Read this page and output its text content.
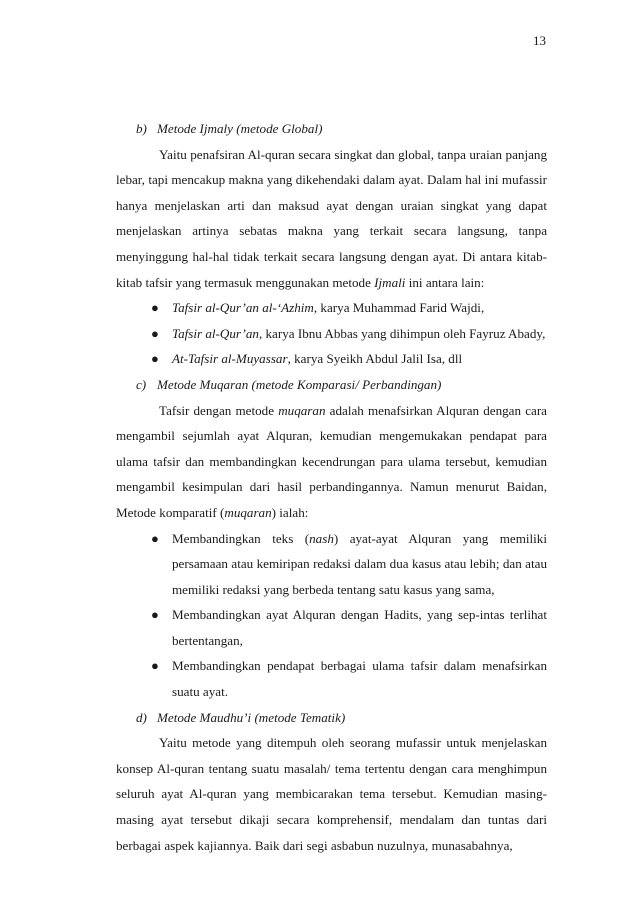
13
b) Metode Ijmaly (metode Global)

Yaitu penafsiran Al-quran secara singkat dan global, tanpa uraian panjang lebar, tapi mencakup makna yang dikehendaki dalam ayat. Dalam hal ini mufassir hanya menjelaskan arti dan maksud ayat dengan uraian singkat yang dapat menjelaskan artinya sebatas makna yang terkait secara langsung, tanpa menyinggung hal-hal tidak terkait secara langsung dengan ayat. Di antara kitab-kitab tafsir yang termasuk menggunakan metode Ijmali ini antara lain:

● Tafsir al-Qur’an al-‘Azhim, karya Muhammad Farid Wajdi,
● Tafsir al-Qur’an, karya Ibnu Abbas yang dihimpun oleh Fayruz Abady,
● At-Tafsir al-Muyassar, karya Syeikh Abdul Jalil Isa, dll
c) Metode Muqaran (metode Komparasi/ Perbandingan)

Tafsir dengan metode muqaran adalah menafsirkan Alquran dengan cara mengambil sejumlah ayat Alquran, kemudian mengemukakan pendapat para ulama tafsir dan membandingkan kecendrungan para ulama tersebut, kemudian mengambil kesimpulan dari hasil perbandingannya. Namun menurut Baidan, Metode komparatif (muqaran) ialah:

● Membandingkan teks (nash) ayat-ayat Alquran yang memiliki persamaan atau kemiripan redaksi dalam dua kasus atau lebih; dan atau memiliki redaksi yang berbeda tentang satu kasus yang sama,
● Membandingkan ayat Alquran dengan Hadits, yang sep-intas terlihat bertentangan,
● Membandingkan pendapat berbagai ulama tafsir dalam menafsirkan suatu ayat.
d) Metode Maudhu’i (metode Tematik)

Yaitu metode yang ditempuh oleh seorang mufassir untuk menjelaskan konsep Al-quran tentang suatu masalah/ tema tertentu dengan cara menghimpun seluruh ayat Al-quran yang membicarakan tema tersebut. Kemudian masing-masing ayat tersebut dikaji secara komprehensif, mendalam dan tuntas dari berbagai aspek kajiannya. Baik dari segi asbabun nuzulnya, munasabahnya,
